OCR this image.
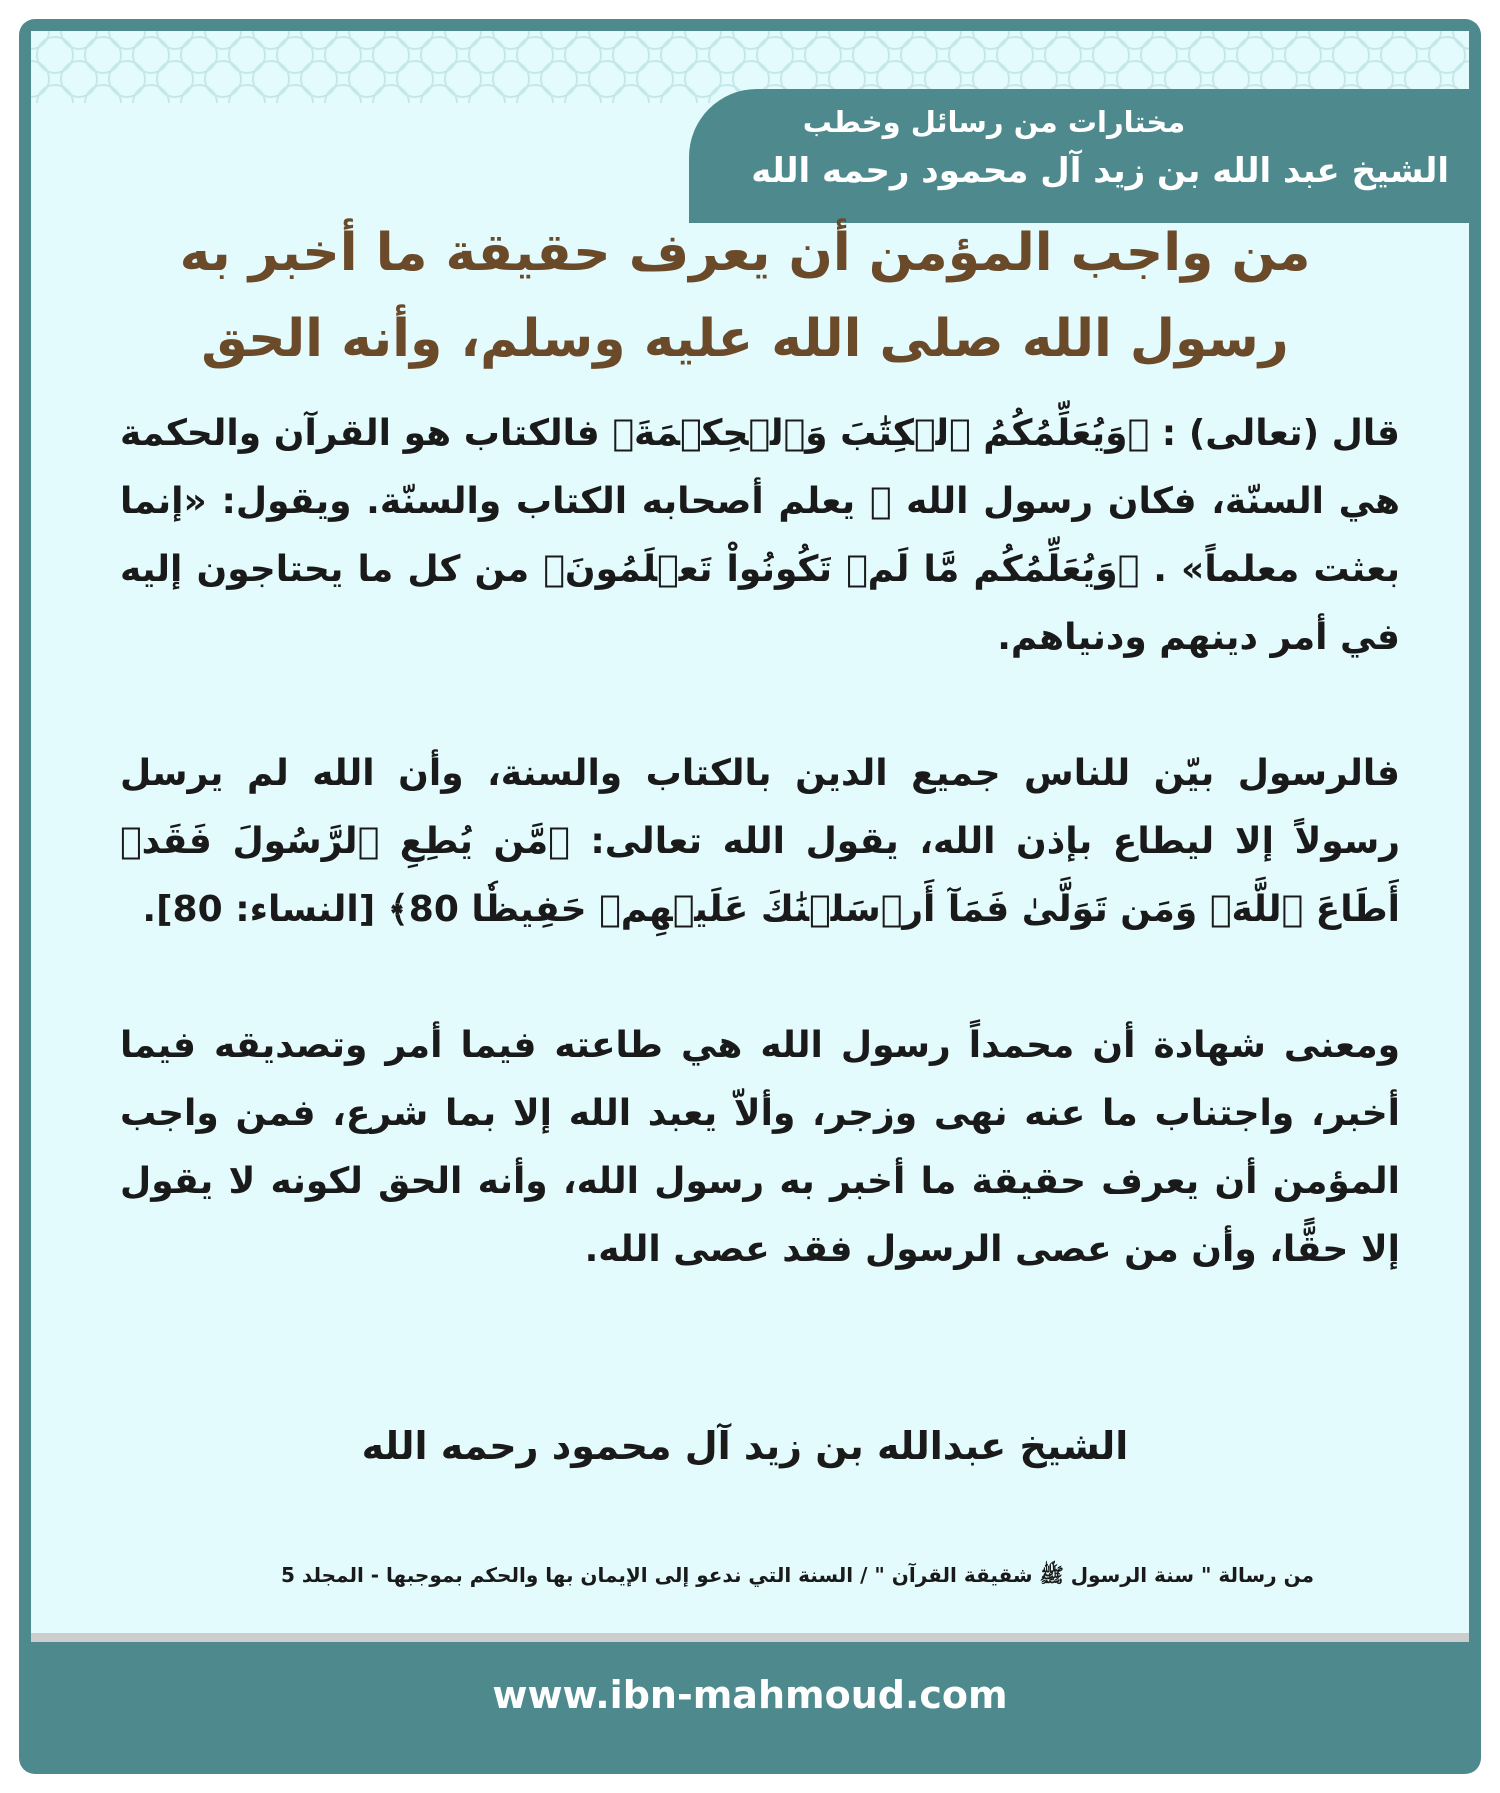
مختارات من رسائل وخطب
الشيخ عبد الله بن زيد آل محمود رحمه الله
من واجب المؤمن أن يعرف حقيقة ما أخبر به
رسول الله صلى الله عليه وسلم، وأنه الحق

قال (تعالى) : ﴿وَيُعَلِّمُكُمُ ٱلۡكِتَٰبَ وَٱلۡحِكۡمَةَ﴾ فالكتاب هو القرآن والحكمة هي السنّة، فكان رسول الله ﷺ يعلم أصحابه الكتاب والسنّة. ويقول: «إنما بعثت معلماً» . ﴿وَيُعَلِّمُكُم مَّا لَمۡ تَكُونُواْ تَعۡلَمُونَ﴾ من كل ما يحتاجون إليه في أمر دينهم ودنياهم.

فالرسول بيّن للناس جميع الدين بالكتاب والسنة، وأن الله لم يرسل رسولاً إلا ليطاع بإذن الله، يقول الله تعالى: ﴿مَّن يُطِعِ ٱلرَّسُولَ فَقَدۡ أَطَاعَ ٱللَّهَۖ وَمَن تَوَلَّىٰ فَمَآ أَرۡسَلۡنَٰكَ عَلَيۡهِمۡ حَفِيظٗا 80﴾ [النساء: 80].

ومعنى شهادة أن محمداً رسول الله هي طاعته فيما أمر وتصديقه فيما أخبر، واجتناب ما عنه نهى وزجر، وألاّ يعبد الله إلا بما شرع، فمن واجب المؤمن أن يعرف حقيقة ما أخبر به رسول الله، وأنه الحق لكونه لا يقول إلا حقًّا، وأن من عصى الرسول فقد عصى الله.

الشيخ عبدالله بن زيد آل محمود رحمه الله
من رسالة " سنة الرسول ﷺ شقيقة القرآن " / السنة التي ندعو إلى الإيمان بها والحكم بموجبها - المجلد 5
www.ibn-mahmoud.com
